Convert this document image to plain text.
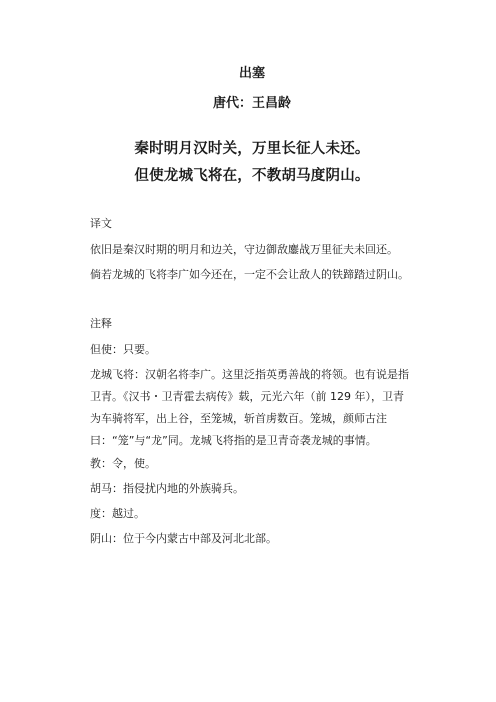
出塞
唐代：王昌龄
秦时明月汉时关，万里长征人未还。
但使龙城飞将在，不教胡马度阴山。
译文
依旧是秦汉时期的明月和边关，守边御敌鏖战万里征夫未回还。
倘若龙城的飞将李广如今还在，一定不会让敌人的铁蹄踏过阴山。
注释
但使：只要。
龙城飞将：汉朝名将李广。这里泛指英勇善战的将领。也有说是指卫青。《汉书・卫青霍去病传》载，元光六年（前 129 年），卫青为车骑将军，出上谷，至笼城，斩首虏数百。笼城，颜师古注曰：“笼”与“龙”同。龙城飞将指的是卫青奇袭龙城的事情。
教：令，使。
胡马：指侵扰内地的外族骑兵。
度：越过。
阴山：位于今内蒙古中部及河北北部。
